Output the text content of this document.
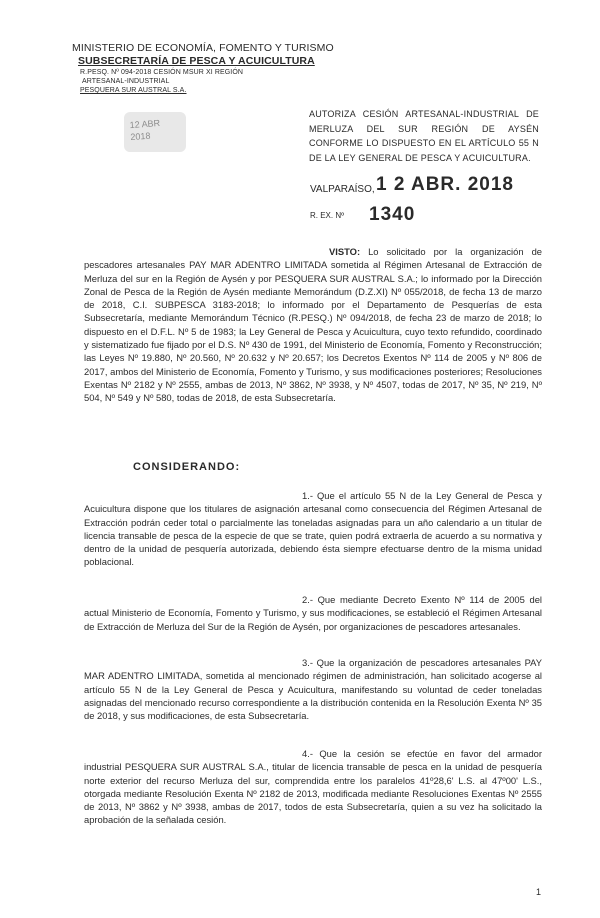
MINISTERIO DE ECONOMÍA, FOMENTO Y TURISMO
SUBSECRETARÍA DE PESCA Y ACUICULTURA
R.PESQ. Nº 094-2018 CESIÓN MSUR XI REGIÓN
ARTESANAL-INDUSTRIAL
PESQUERA SUR AUSTRAL S.A.
12 ABR
2018
AUTORIZA CESIÓN ARTESANAL-INDUSTRIAL DE MERLUZA DEL SUR REGIÓN DE AYSÉN CONFORME LO DISPUESTO EN EL ARTÍCULO 55 N DE LA LEY GENERAL DE PESCA Y ACUICULTURA.
VALPARAÍSO, 1 2 ABR. 2018
R. EX. Nº 1340
VISTO: Lo solicitado por la organización de pescadores artesanales PAY MAR ADENTRO LIMITADA sometida al Régimen Artesanal de Extracción de Merluza del sur en la Región de Aysén y por PESQUERA SUR AUSTRAL S.A.; lo informado por la Dirección Zonal de Pesca de la Región de Aysén mediante Memorándum (D.Z.XI) Nº 055/2018, de fecha 13 de marzo de 2018, C.I. SUBPESCA 3183-2018; lo informado por el Departamento de Pesquerías de esta Subsecretaría, mediante Memorándum Técnico (R.PESQ.) Nº 094/2018, de fecha 23 de marzo de 2018; lo dispuesto en el D.F.L. Nº 5 de 1983; la Ley General de Pesca y Acuicultura, cuyo texto refundido, coordinado y sistematizado fue fijado por el D.S. Nº 430 de 1991, del Ministerio de Economía, Fomento y Reconstrucción; las Leyes Nº 19.880, Nº 20.560, Nº 20.632 y Nº 20.657; los Decretos Exentos Nº 114 de 2005 y Nº 806 de 2017, ambos del Ministerio de Economía, Fomento y Turismo, y sus modificaciones posteriores; Resoluciones Exentas Nº 2182 y Nº 2555, ambas de 2013, Nº 3862, Nº 3938, y Nº 4507, todas de 2017, Nº 35, Nº 219, Nº 504, Nº 549 y Nº 580, todas de 2018, de esta Subsecretaría.
CONSIDERANDO:
1.- Que el artículo 55 N de la Ley General de Pesca y Acuicultura dispone que los titulares de asignación artesanal como consecuencia del Régimen Artesanal de Extracción podrán ceder total o parcialmente las toneladas asignadas para un año calendario a un titular de licencia transable de pesca de la especie de que se trate, quien podrá extraerla de acuerdo a su normativa y dentro de la unidad de pesquería autorizada, debiendo ésta siempre efectuarse dentro de la misma unidad poblacional.
2.- Que mediante Decreto Exento Nº 114 de 2005 del actual Ministerio de Economía, Fomento y Turismo, y sus modificaciones, se estableció el Régimen Artesanal de Extracción de Merluza del Sur de la Región de Aysén, por organizaciones de pescadores artesanales.
3.- Que la organización de pescadores artesanales PAY MAR ADENTRO LIMITADA, sometida al mencionado régimen de administración, han solicitado acogerse al artículo 55 N de la Ley General de Pesca y Acuicultura, manifestando su voluntad de ceder toneladas asignadas del mencionado recurso correspondiente a la distribución contenida en la Resolución Exenta Nº 35 de 2018, y sus modificaciones, de esta Subsecretaría.
4.- Que la cesión se efectúe en favor del armador industrial PESQUERA SUR AUSTRAL S.A., titular de licencia transable de pesca en la unidad de pesquería norte exterior del recurso Merluza del sur, comprendida entre los paralelos 41º28,6' L.S. al 47º00' L.S., otorgada mediante Resolución Exenta Nº 2182 de 2013, modificada mediante Resoluciones Exentas Nº 2555 de 2013, Nº 3862 y Nº 3938, ambas de 2017, todos de esta Subsecretaría, quien a su vez ha solicitado la aprobación de la señalada cesión.
1
